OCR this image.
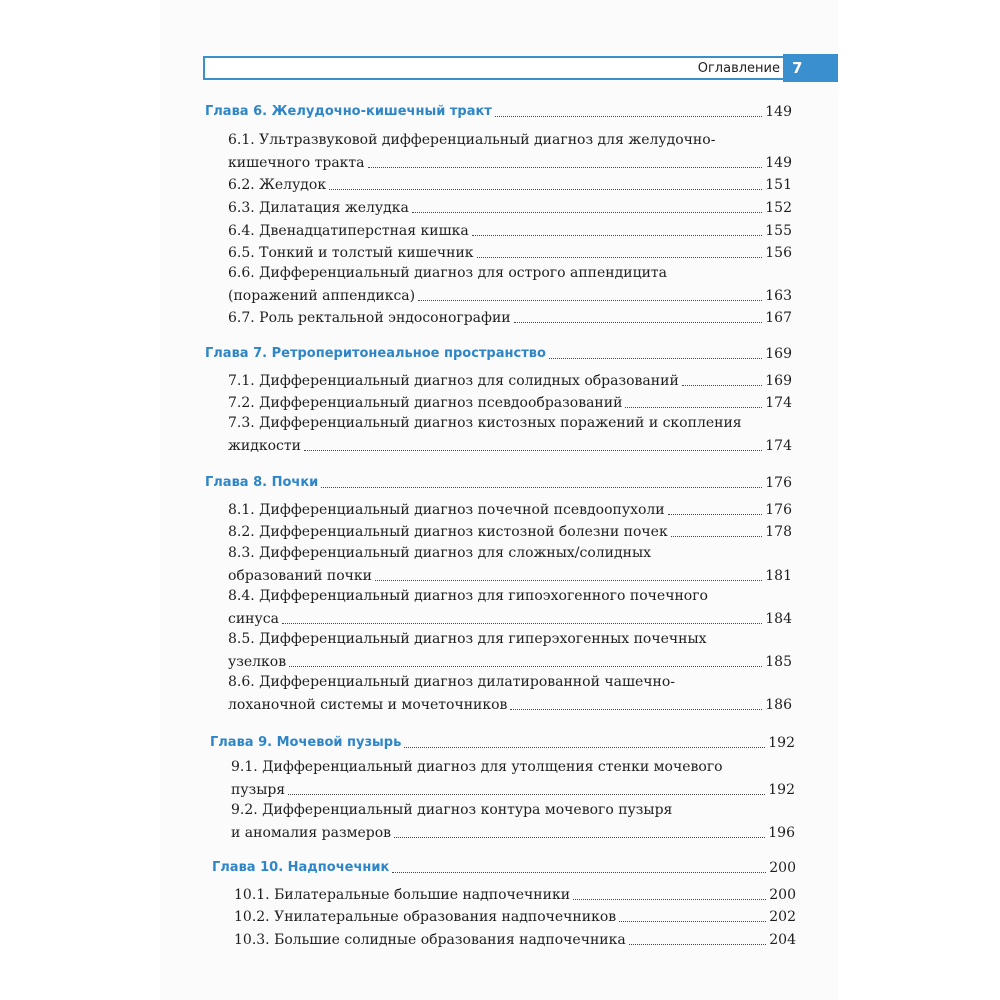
Оглавление 7
Глава 6. Желудочно-кишечный тракт	149
6.1. Ультразвуковой дифференциальный диагноз для желудочно-
кишечного тракта	149
6.2. Желудок	151
6.3. Дилатация желудка	152
6.4. Двенадцатиперстная кишка	155
6.5. Тонкий и толстый кишечник	156
6.6. Дифференциальный диагноз для острого аппендицита
(поражений аппендикса)	163
6.7. Роль ректальной эндосонографии	167
Глава 7. Ретроперитонеальное пространство	169
7.1. Дифференциальный диагноз для солидных образований	169
7.2. Дифференциальный диагноз псевдообразований	174
7.3. Дифференциальный диагноз кистозных поражений и скопления
жидкости	174
Глава 8. Почки	176
8.1. Дифференциальный диагноз почечной псевдоопухоли	176
8.2. Дифференциальный диагноз кистозной болезни почек	178
8.3. Дифференциальный диагноз для сложных/солидных
образований почки	181
8.4. Дифференциальный диагноз для гипоэхогенного почечного
синуса	184
8.5. Дифференциальный диагноз для гиперэхогенных почечных
узелков	185
8.6. Дифференциальный диагноз дилатированной чашечно-
лоханочной системы и мочеточников	186
Глава 9. Мочевой пузырь	192
9.1. Дифференциальный диагноз для утолщения стенки мочевого
пузыря	192
9.2. Дифференциальный диагноз контура мочевого пузыря
и аномалия размеров	196
Глава 10. Надпочечник	200
10.1. Билатеральные большие надпочечники	200
10.2. Унилатеральные образования надпочечников	202
10.3. Большие солидные образования надпочечника	204
